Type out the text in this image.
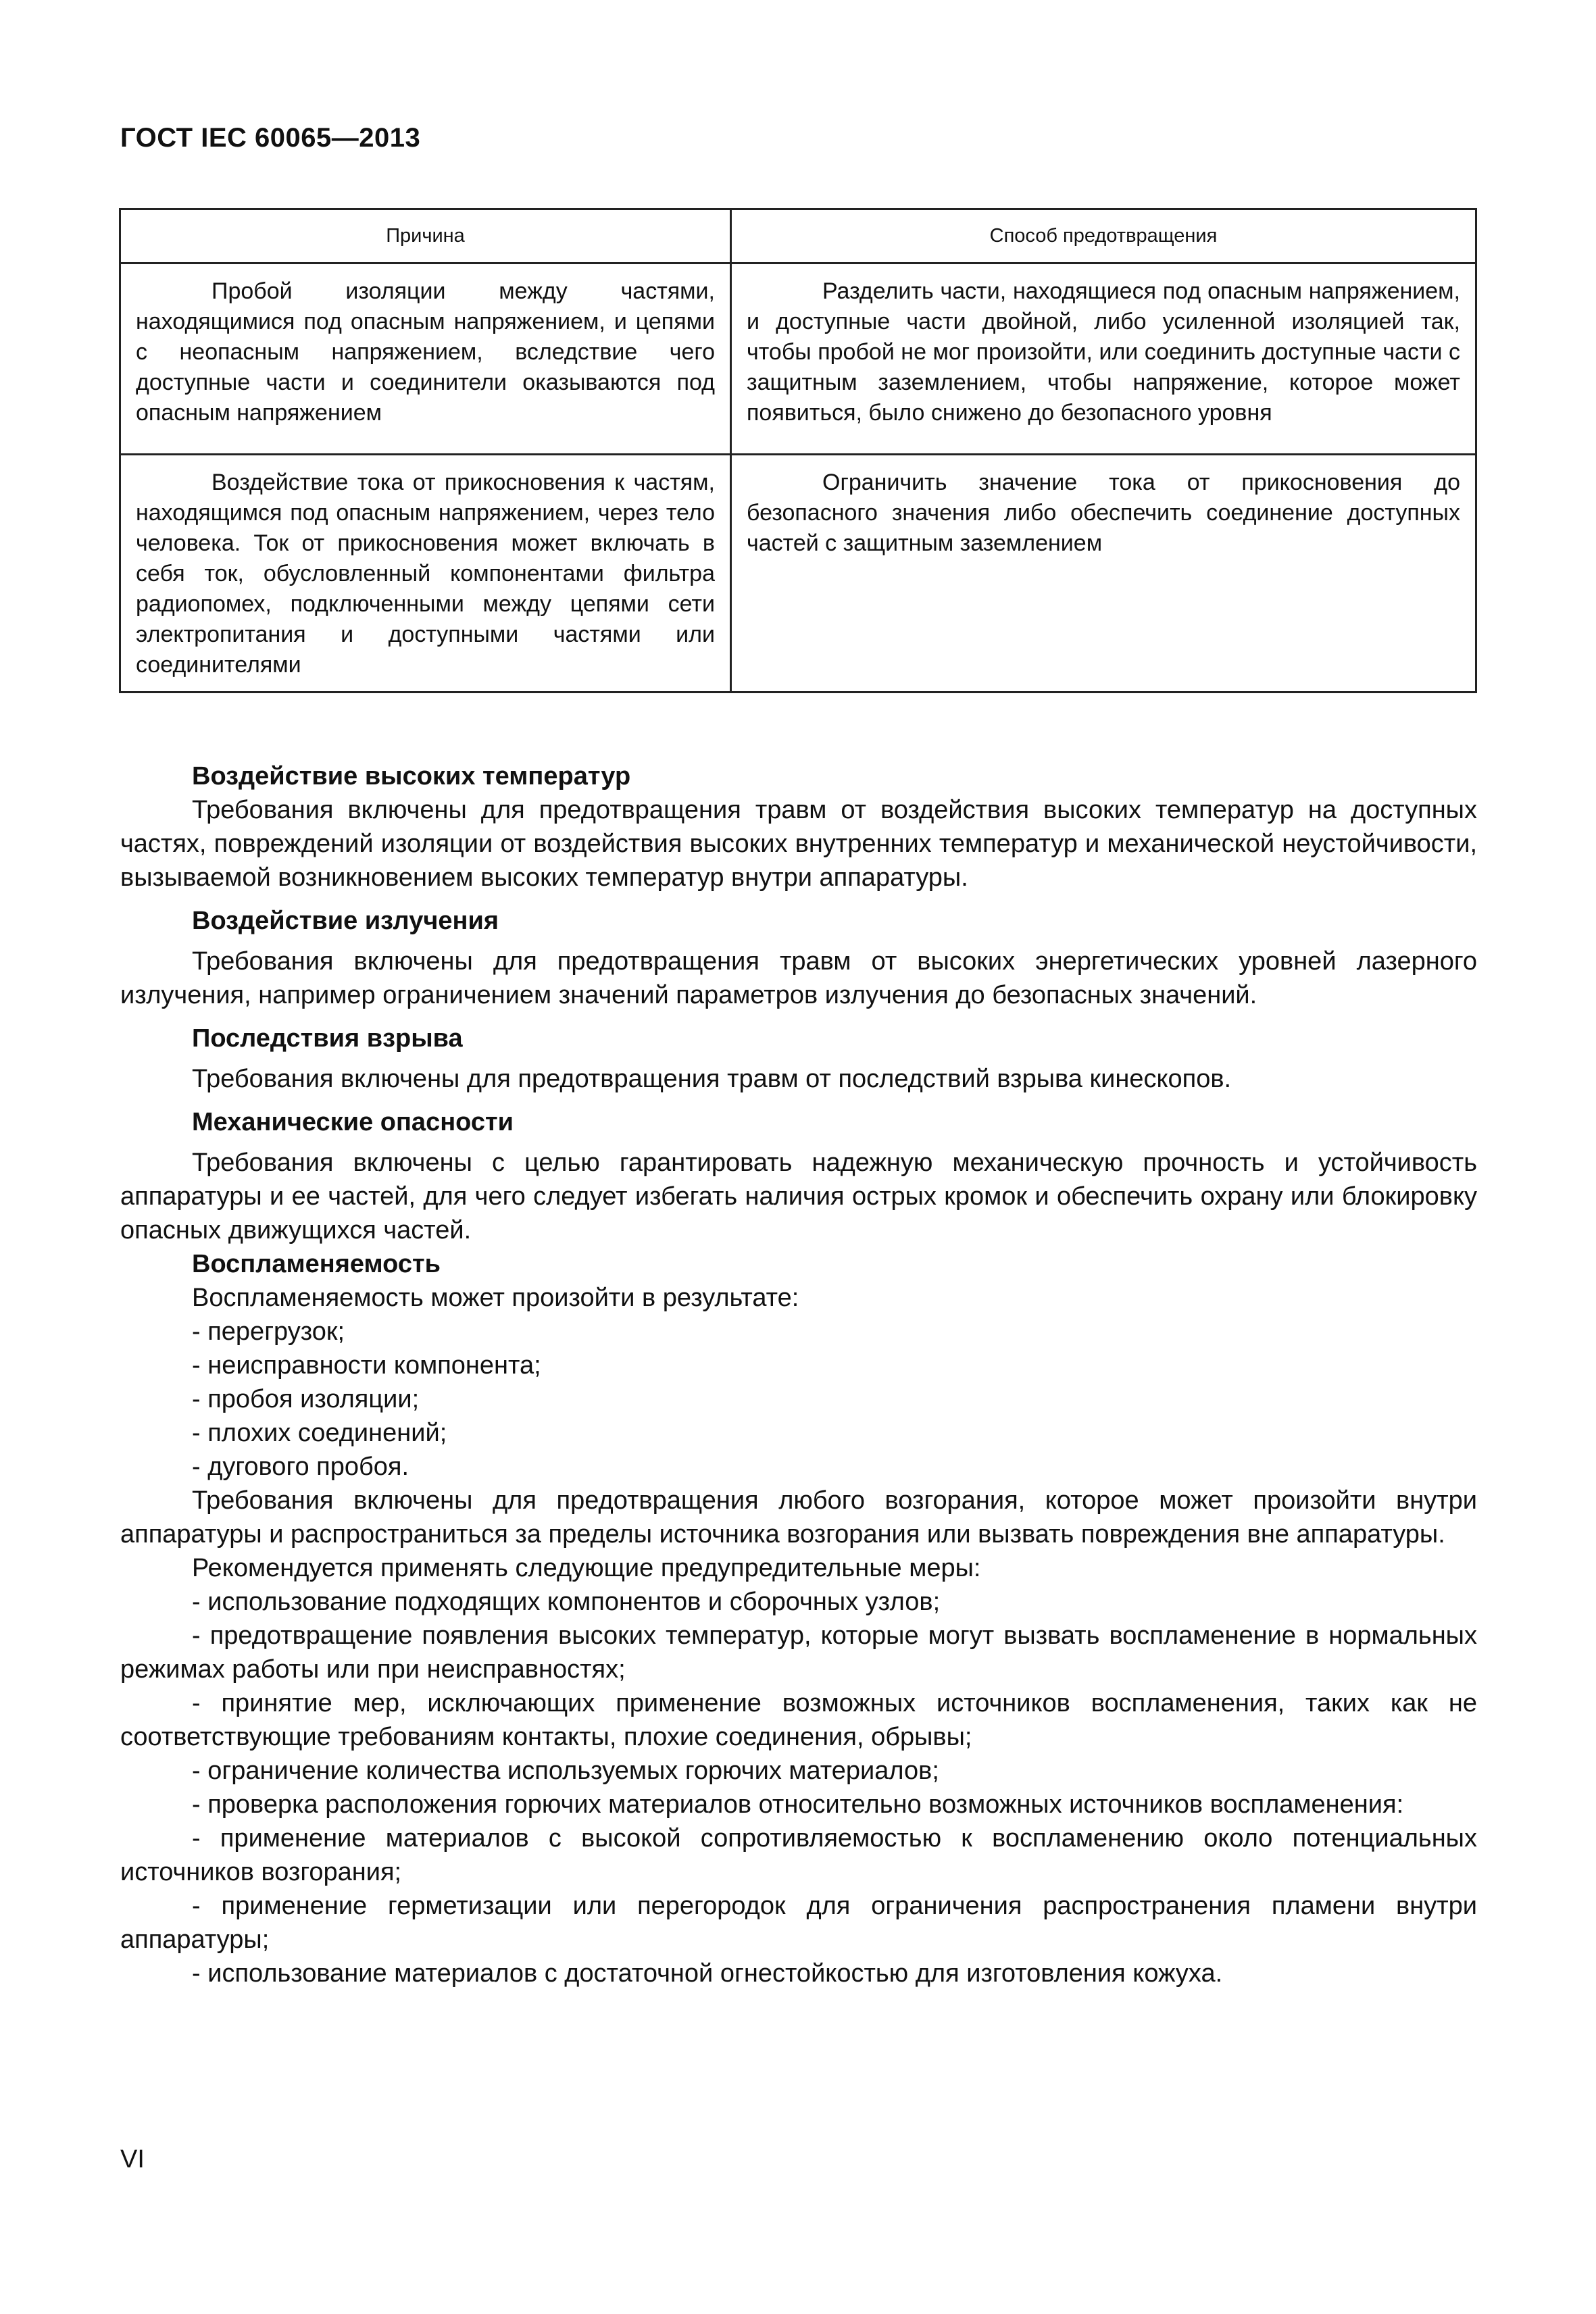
ГОСТ IEC 60065—2013
Причина	Способ предотвращения

Пробой изоляции между частями, находящимися под опасным напряжением, и цепями с неопасным напряжением, вследствие чего доступные части и соединители оказываются под опасным напряжением	Разделить части, находящиеся под опасным напряжением, и доступные части двойной, либо усиленной изоляцией так, чтобы пробой не мог произойти, или соединить доступные части с защитным заземлением, чтобы напряжение, которое может появиться, было снижено до безопасного уровня

Воздействие тока от прикосновения к частям, находящимся под опасным напряжением, через тело человека. Ток от прикосновения может включать в себя ток, обусловленный компонентами фильтра радиопомех, подключенными между цепями сети электропитания и доступными частями или соединителями	Ограничить значение тока от прикосновения до безопасного значения либо обеспечить соединение доступных частей с защитным заземлением

Воздействие высоких температур

Требования включены для предотвращения травм от воздействия высоких температур на доступных частях, повреждений изоляции от воздействия высоких внутренних температур и механической неустойчивости, вызываемой возникновением высоких температур внутри аппаратуры.

Воздействие излучения

Требования включены для предотвращения травм от высоких энергетических уровней лазерного излучения, например ограничением значений параметров излучения до безопасных значений.

Последствия взрыва

Требования включены для предотвращения травм от последствий взрыва кинескопов.

Механические опасности

Требования включены с целью гарантировать надежную механическую прочность и устойчивость аппаратуры и ее частей, для чего следует избегать наличия острых кромок и обеспечить охрану или блокировку опасных движущихся частей.

Воспламеняемость

Воспламеняемость может произойти в результате:

- перегрузок;

- неисправности компонента;

- пробоя изоляции;

- плохих соединений;

- дугового пробоя.

Требования включены для предотвращения любого возгорания, которое может произойти внутри аппаратуры и распространиться за пределы источника возгорания или вызвать повреждения вне аппаратуры.

Рекомендуется применять следующие предупредительные меры:

- использование подходящих компонентов и сборочных узлов;

- предотвращение появления высоких температур, которые могут вызвать воспламенение в нормальных режимах работы или при неисправностях;

- принятие мер, исключающих применение возможных источников воспламенения, таких как не соответствующие требованиям контакты, плохие соединения, обрывы;

- ограничение количества используемых горючих материалов;

- проверка расположения горючих материалов относительно возможных источников воспламенения:

- применение материалов с высокой сопротивляемостью к воспламенению около потенциальных источников возгорания;

- применение герметизации или перегородок для ограничения распространения пламени внутри аппаратуры;

- использование материалов с достаточной огнестойкостью для изготовления кожуха.

VI
